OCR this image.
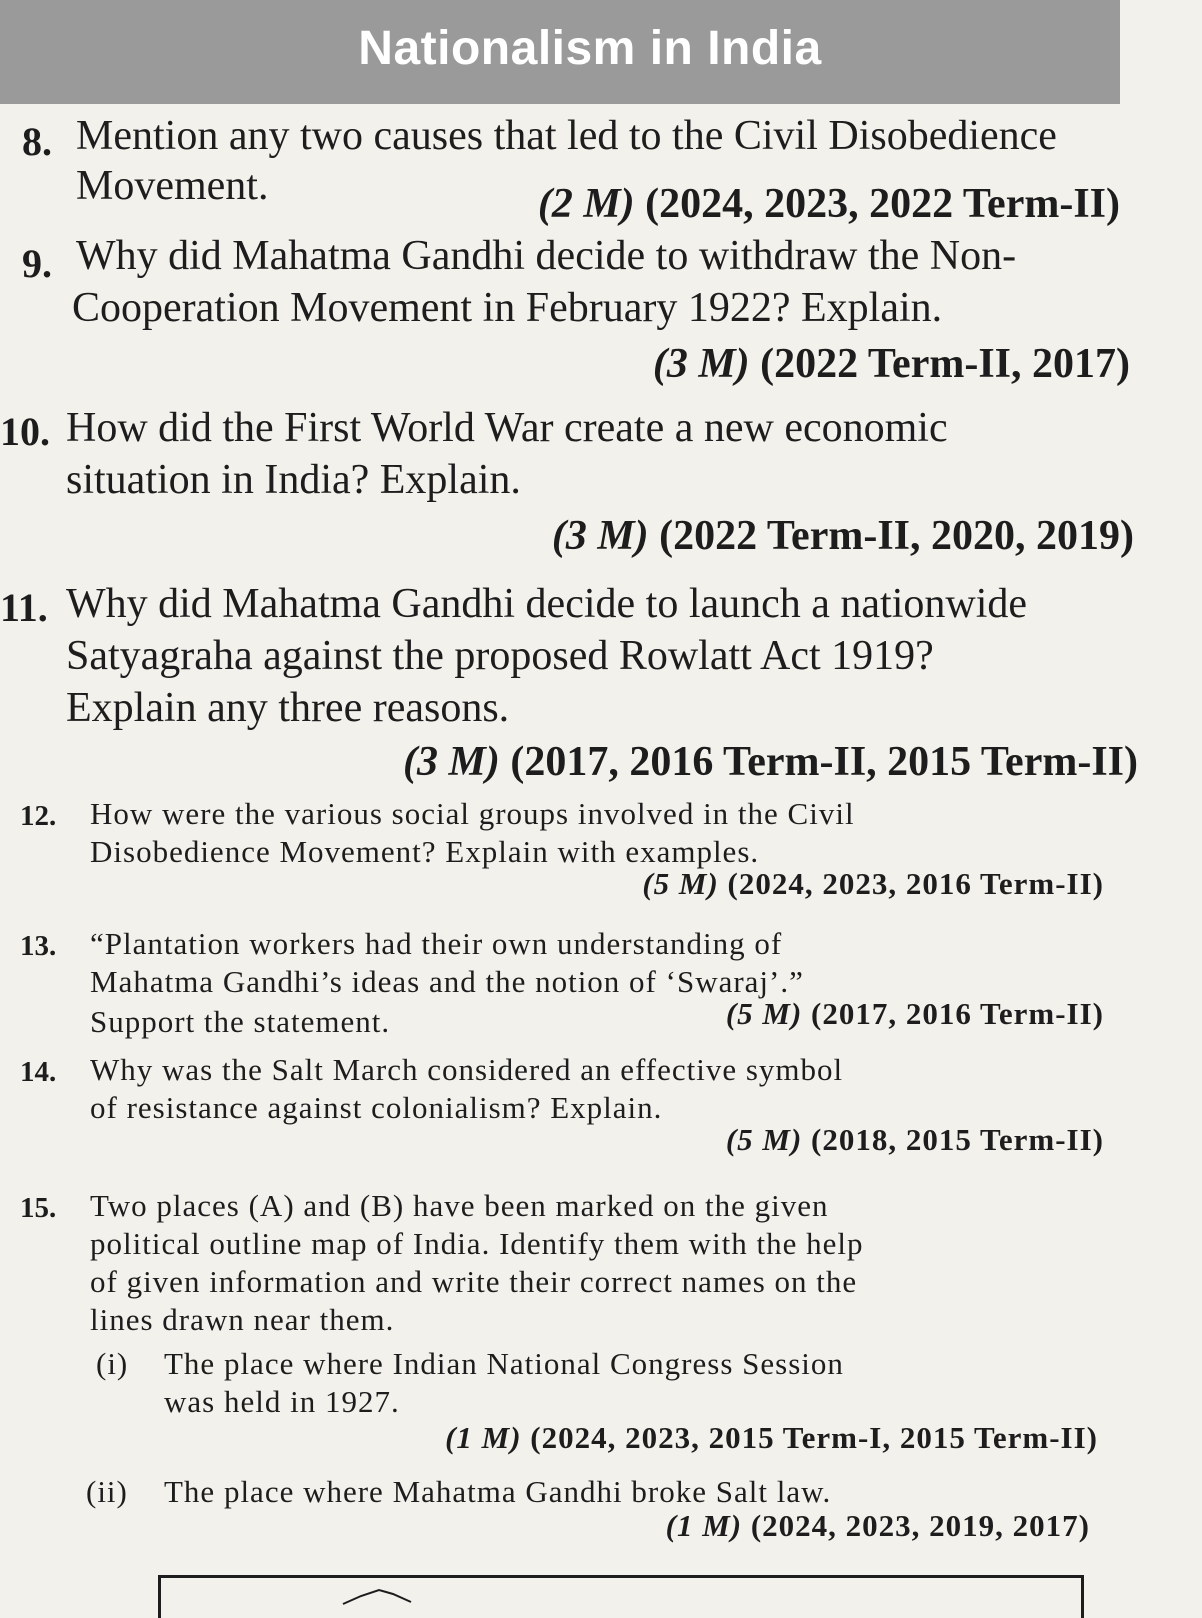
Nationalism in India
8. Mention any two causes that led to the Civil Disobedience
Movement.	(2 M) (2024, 2023, 2022 Term-II)
9. Why did Mahatma Gandhi decide to withdraw the Non-
Cooperation Movement in February 1922? Explain.
(3 M) (2022 Term-II, 2017)
10. How did the First World War create a new economic
situation in India? Explain.
(3 M) (2022 Term-II, 2020, 2019)
11. Why did Mahatma Gandhi decide to launch a nationwide
Satyagraha against the proposed Rowlatt Act 1919?
Explain any three reasons.
(3 M) (2017, 2016 Term-II, 2015 Term-II)
12. How were the various social groups involved in the Civil
Disobedience Movement? Explain with examples.
(5 M) (2024, 2023, 2016 Term-II)
13. “Plantation workers had their own understanding of
Mahatma Gandhi’s ideas and the notion of ‘Swaraj’.”
Support the statement.	(5 M) (2017, 2016 Term-II)
14. Why was the Salt March considered an effective symbol
of resistance against colonialism? Explain.
(5 M) (2018, 2015 Term-II)
15. Two places (A) and (B) have been marked on the given
political outline map of India. Identify them with the help
of given information and write their correct names on the
lines drawn near them.
(i) The place where Indian National Congress Session
was held in 1927.
(1 M) (2024, 2023, 2015 Term-I, 2015 Term-II)
(ii) The place where Mahatma Gandhi broke Salt law.
(1 M) (2024, 2023, 2019, 2017)
